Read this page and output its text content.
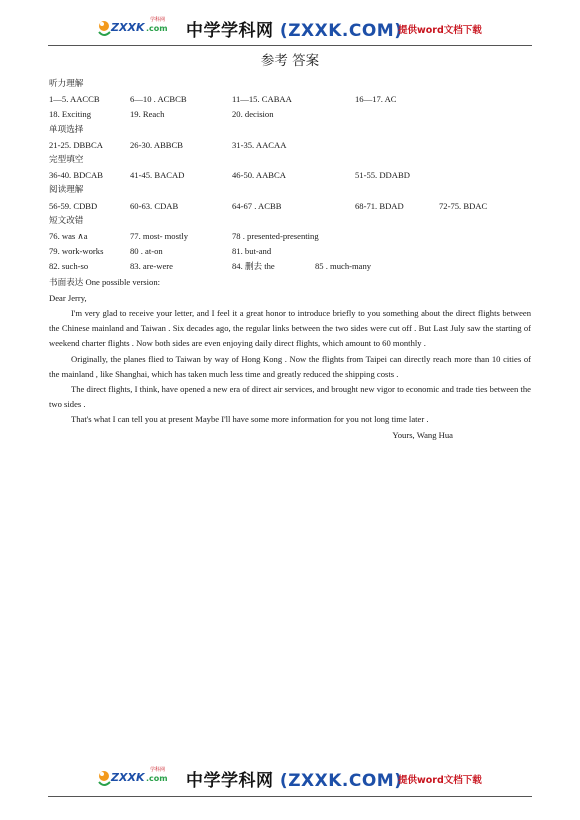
ZXXK .com
学科网
中学学科网 (ZXXK.COM)
提供word文档下载
参考 答案
听力理解
1—5. AACCB	6—10 . ACBCB	11—15. CABAA	16—17. AC
18. Exciting	19. Reach	20. decision
单项选择
21-25. DBBCA	26-30. ABBCB	31-35. AACAA
完型填空
36-40. BDCAB	41-45. BACAD	46-50. AABCA	51-55. DDABD
阅读理解
56-59. CDBD	60-63. CDAB	64-67 . ACBB	68-71. BDAD	72-75. BDAC
短文改错
76. was ∧a	77. most- mostly	78 . presented-presenting
79. work-works	80 . at-on	81. but-and
82. such-so	83. are-were	84. 删去 the	85 . much-many
书面表达 One possible version:

Dear Jerry,

I'm very glad to receive your letter, and I feel it a great honor to introduce briefly to you something about the direct flights between the Chinese mainland and Taiwan . Six decades ago, the regular links between the two sides were cut off . But Last July saw the starting of weekend charter flights . Now both sides are even enjoying daily direct flights, which amount to 60 monthly .

Originally, the planes flied to Taiwan by way of Hong Kong . Now the flights from Taipei can directly reach more than 10 cities of the mainland , like Shanghai, which has taken much less time and greatly reduced the shipping costs .

The direct flights, I think, have opened a new era of direct air services, and brought new vigor to economic and trade ties between the two sides .

That's what I can tell you at present Maybe I'll have some more information for you not long time later .

Yours, Wang Hua

ZXXK .com
学科网
中学学科网 (ZXXK.COM)
提供word文档下载
